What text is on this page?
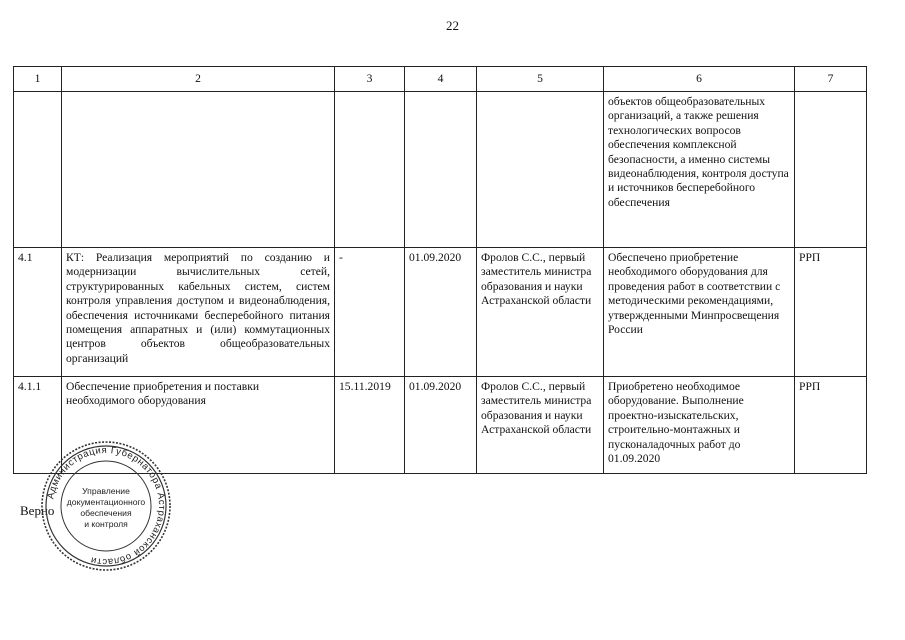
22
1	2	3	4	5	6	7
					объектов общеобразовательных организаций, а также решения технологических вопросов обеспечения комплексной безопасности, а именно системы видеонаблюдения, контроля доступа и источников бесперебойного обеспечения	
4.1	КТ: Реализация мероприятий по созданию и модернизации вычислительных сетей, структурированных кабельных систем, систем контроля управления доступом и видеонаблюдения, обеспечения источниками бесперебойного питания помещения аппаратных и (или) коммутационных центров объектов общеобразовательных организаций	-	01.09.2020	Фролов С.С., первый заместитель министра образования и науки Астраханской области	Обеспечено приобретение необходимого оборудования для проведения работ в соответствии с методическими рекомендациями, утвержденными Минпросвещения России	РРП
4.1.1	Обеспечение приобретения и поставки необходимого оборудования	15.11.2019	01.09.2020	Фролов С.С., первый заместитель министра образования и науки Астраханской области	Приобретено необходимое оборудование. Выполнение проектно-изыскательских, строительно-монтажных и пусконаладочных работ до 01.09.2020	РРП
Верно
Администрация Губернатора Астраханской области
Управление
документационного
обеспечения
и контроля
